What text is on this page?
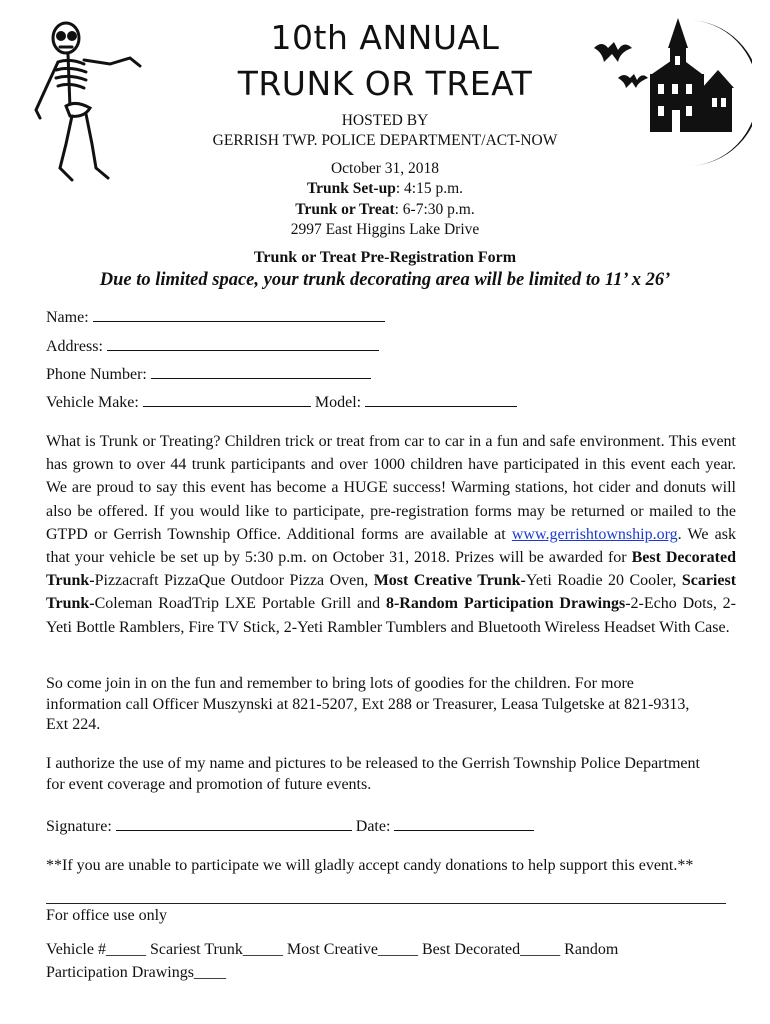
10th ANNUAL
TRUNK OR TREAT
HOSTED BY
GERRISH TWP. POLICE DEPARTMENT/ACT-NOW
October 31, 2018
Trunk Set-up: 4:15 p.m.
Trunk or Treat: 6-7:30 p.m.
2997 East Higgins Lake Drive
Trunk or Treat Pre-Registration Form
Due to limited space, your trunk decorating area will be limited to 11’ x 26’
Name:
Address:
Phone Number:
Vehicle Make:	Model:
What is Trunk or Treating? Children trick or treat from car to car in a fun and safe environment. This event has grown to over 44 trunk participants and over 1000 children have participated in this event each year. We are proud to say this event has become a HUGE success! Warming stations, hot cider and donuts will also be offered. If you would like to participate, pre-registration forms may be returned or mailed to the GTPD or Gerrish Township Office. Additional forms are available at www.gerrishtownship.org. We ask that your vehicle be set up by 5:30 p.m. on October 31, 2018. Prizes will be awarded for Best Decorated Trunk-Pizzacraft PizzaQue Outdoor Pizza Oven, Most Creative Trunk-Yeti Roadie 20 Cooler, Scariest Trunk-Coleman RoadTrip LXE Portable Grill and 8-Random Participation Drawings-2-Echo Dots, 2-Yeti Bottle Ramblers, Fire TV Stick, 2-Yeti Rambler Tumblers and Bluetooth Wireless Headset With Case.
So come join in on the fun and remember to bring lots of goodies for the children. For more information call Officer Muszynski at 821-5207, Ext 288 or Treasurer, Leasa Tulgetske at 821-9313, Ext 224.
I authorize the use of my name and pictures to be released to the Gerrish Township Police Department for event coverage and promotion of future events.
Signature:	Date:
**If you are unable to participate we will gladly accept candy donations to help support this event.**
For office use only
Vehicle #_____ Scariest Trunk_____ Most Creative_____ Best Decorated_____ Random Participation Drawings____
